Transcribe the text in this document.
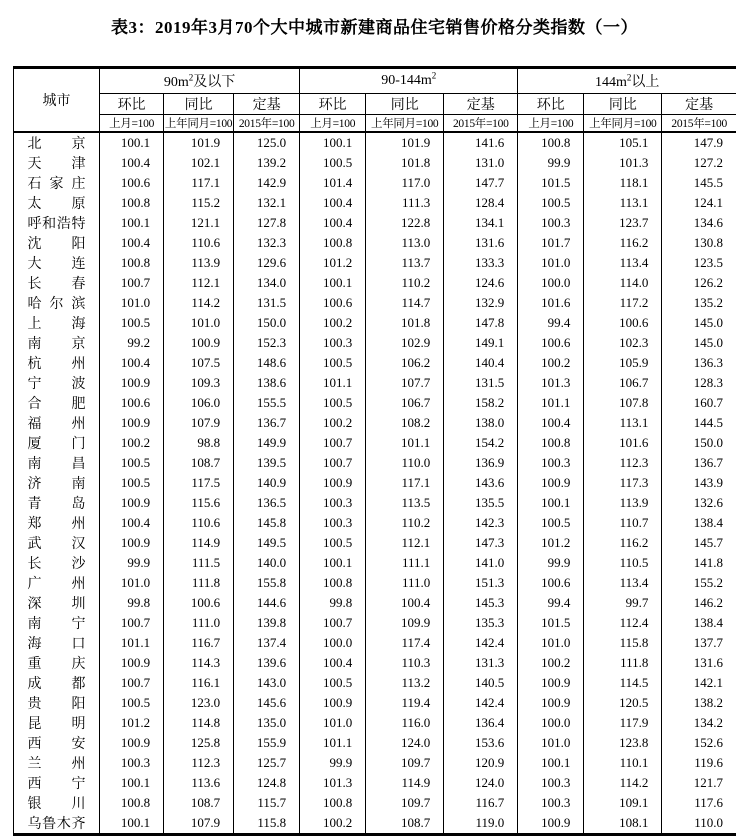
表3：2019年3月70个大中城市新建商品住宅销售价格分类指数（一）
城市	$90m^2$及以下			$90-144m^2$			$144m^2$以上		
	环比	同比	定基	环比	同比	定基	环比	同比	定基
	上月=100	上年同月=100	2015年=100	上月=100	上年同月=100	2015年=100	上月=100	上年同月=100	2015年=100
北京	100.1	101.9	125.0	100.1	101.9	141.6	100.8	105.1	147.9
天津	100.4	102.1	139.2	100.5	101.8	131.0	99.9	101.3	127.2
石家庄	100.6	117.1	142.9	101.4	117.0	147.7	101.5	118.1	145.5
太原	100.8	115.2	132.1	100.4	111.3	128.4	100.5	113.1	124.1
呼和浩特	100.1	121.1	127.8	100.4	122.8	134.1	100.3	123.7	134.6
沈阳	100.4	110.6	132.3	100.8	113.0	131.6	101.7	116.2	130.8
大连	100.8	113.9	129.6	101.2	113.7	133.3	101.0	113.4	123.5
长春	100.7	112.1	134.0	100.1	110.2	124.6	100.0	114.0	126.2
哈尔滨	101.0	114.2	131.5	100.6	114.7	132.9	101.6	117.2	135.2
上海	100.5	101.0	150.0	100.2	101.8	147.8	99.4	100.6	145.0
南京	99.2	100.9	152.3	100.3	102.9	149.1	100.6	102.3	145.0
杭州	100.4	107.5	148.6	100.5	106.2	140.4	100.2	105.9	136.3
宁波	100.9	109.3	138.6	101.1	107.7	131.5	101.3	106.7	128.3
合肥	100.6	106.0	155.5	100.5	106.7	158.2	101.1	107.8	160.7
福州	100.9	107.9	136.7	100.2	108.2	138.0	100.4	113.1	144.5
厦门	100.2	98.8	149.9	100.7	101.1	154.2	100.8	101.6	150.0
南昌	100.5	108.7	139.5	100.7	110.0	136.9	100.3	112.3	136.7
济南	100.5	117.5	140.9	100.9	117.1	143.6	100.9	117.3	143.9
青岛	100.9	115.6	136.5	100.3	113.5	135.5	100.1	113.9	132.6
郑州	100.4	110.6	145.8	100.3	110.2	142.3	100.5	110.7	138.4
武汉	100.9	114.9	149.5	100.5	112.1	147.3	101.2	116.2	145.7
长沙	99.9	111.5	140.0	100.1	111.1	141.0	99.9	110.5	141.8
广州	101.0	111.8	155.8	100.8	111.0	151.3	100.6	113.4	155.2
深圳	99.8	100.6	144.6	99.8	100.4	145.3	99.4	99.7	146.2
南宁	100.7	111.0	139.8	100.7	109.9	135.3	101.5	112.4	138.4
海口	101.1	116.7	137.4	100.0	117.4	142.4	101.0	115.8	137.7
重庆	100.9	114.3	139.6	100.4	110.3	131.3	100.2	111.8	131.6
成都	100.7	116.1	143.0	100.5	113.2	140.5	100.9	114.5	142.1
贵阳	100.5	123.0	145.6	100.9	119.4	142.4	100.9	120.5	138.2
昆明	101.2	114.8	135.0	101.0	116.0	136.4	100.0	117.9	134.2
西安	100.9	125.8	155.9	101.1	124.0	153.6	101.0	123.8	152.6
兰州	100.3	112.3	125.7	99.9	109.7	120.9	100.1	110.1	119.6
西宁	100.1	113.6	124.8	101.3	114.9	124.0	100.3	114.2	121.7
银川	100.8	108.7	115.7	100.8	109.7	116.7	100.3	109.1	117.6
乌鲁木齐	100.1	107.9	115.8	100.2	108.7	119.0	100.9	108.1	110.0
